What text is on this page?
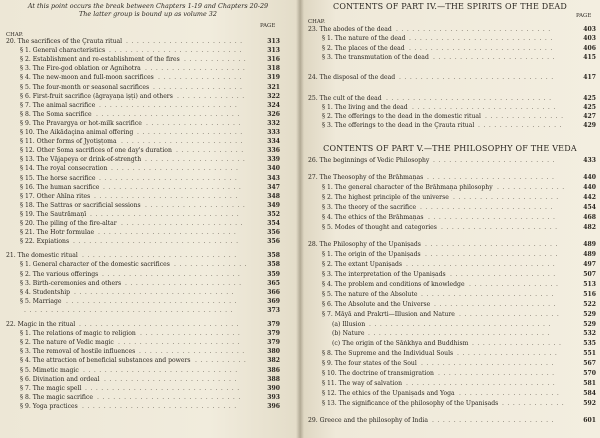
At this point occurs the break between Chapters 1-19 and Chapters 20-29
The latter group is bound up as volume 32
PAGE
CHAP.
20. The sacrifices of the Çrauta ritual ......................	313
§ 1. General characteristics .........................	313
§ 2. Establishment and re-establishment of the fires ............	316
§ 3. The Fire-god oblation or Agnihotra ...................	318
§ 4. The new-moon and full-moon sacrifices ................	319
§ 5. The four-month or seasonal sacrifices .................	321
§ 6. First-fruit sacrifice (āgrayaṇa iṣṭi) and others .............	322
§ 7. The animal sacrifice ..........................	324
§ 8. The Soma sacrifice ...........................	326
§ 9. The Pravargya or hot-milk sacrifice ..................	332
§ 10. The Aikādaçina animal offering ....................	333
§ 11. Other forms of Jyotiṣṭoma .......................	334
§ 12. Other Soma sacrifices of one day's duration .............	336
§ 13. The Vājapeya or drink-of-strength ...................	339
§ 14. The royal consecration ........................	340
§ 15. The horse sacrifice ..........................	343
§ 16. The human sacrifice ..........................	347
§ 17. Other Ahīna rites ...........................	348
§ 18. The Sattras or sacrificial sessions ...................	349
§ 19. The Sautrāmaṇī ............................	352
§ 20. The piling of the fire-altar .......................	354
§ 21. The Hotr formulae ..........................	356
§ 22. Expiations ...............................	356
21. The domestic ritual .............................	358
§ 1. General character of the domestic sacrifices ..............	358
§ 2. The various offerings ..........................	359
§ 3. Birth-ceremonies and others ......................	365
§ 4. Studentship ..............................	366
§ 5. Marriage ................................	369
.......................................	373
22. Magic in the ritual ..............................	379
§ 1. The relations of magic to religion ...................	379
§ 2. The nature of Vedic magic .......................	379
§ 3. The removal of hostile influences ....................	380
§ 4. The attraction of beneficial substances and powers ..........	382
§ 5. Mimetic magic .............................	386
§ 6. Divination and ordeal .........................	388
§ 7. The magic spell .............................	390
§ 8. The magic sacrifice ...........................	393
§ 9. Yoga practices .............................	396
CONTENTS OF PART IV.—THE SPIRITS OF THE DEAD
PAGE
CHAP.
23. The abodes of the dead .............................	403
§ 1. The nature of the dead ...........................	403
§ 2. The places of the dead ...........................	406
§ 3. The transmutation of the dead .......................	415
24. The disposal of the dead .............................	417
25. The cult of the dead ...............................	425
§ 1. The living and the dead ...........................	425
§ 2. The offerings to the dead in the domestic ritual ...............	427
§ 3. The offerings to the dead in the Çrauta ritual ................	429
CONTENTS OF PART V.—THE PHILOSOPHY OF THE VEDA
26. The beginnings of Vedic Philosophy .......................	433
27. The Theosophy of the Brāhmaṇas ........................	440
§ 1. The general character of the Brāhmaṇa philosophy .............	440
§ 2. The highest principle of the universe ....................	442
§ 3. The theory of the sacrifice .........................	454
§ 4. The ethics of the Brāhmaṇas ........................	468
§ 5. Modes of thought and categories ......................	482
28. The Philosophy of the Upaniṣads .........................	489
§ 1. The origin of the Upaniṣads .........................	489
§ 2. The extant Upaniṣads ............................	497
§ 3. The interpretation of the Upaniṣads ....................	507
§ 4. The problem and conditions of knowledge .................	513
§ 5. The nature of the Absolute .........................	516
§ 6. The Absolute and the Universe .......................	522
§ 7. Māyā and Prakrti—Illusion and Nature ...................	529
(a) Illusion ..................................	529
(b) Nature ..................................	532
(c) The origin of the Sāṅkhya and Buddhism .................	535
§ 8. The Supreme and the Individual Souls ...................	551
§ 9. The four states of the Soul .........................	567
§ 10. The doctrine of transmigration ......................	570
§ 11. The way of salvation ............................	581
§ 12. The ethics of the Upaniṣads and Yoga ...................	584
§ 13. The significance of the philosophy of the Upaniṣads ............	592
29. Greece and the philosophy of India .......................	601
